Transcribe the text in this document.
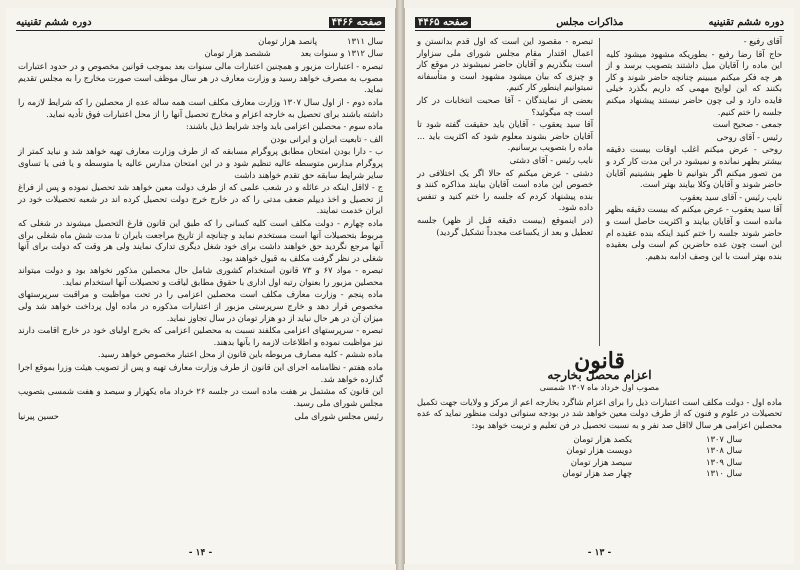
صفحه ۴۴۶۶
دوره ششم تقنینیه
سال ۱۳۱۱
پانصد هزار تومان
سال ۱۳۱۲ و سنوات بعد
ششصد هزار تومان

تبصره - اعتبارات مزبور و همچنین اعتبارات مالی سنوات بعد بموجب قوانین مخصوص و در حدود اعتبارات مصوب به مصرف خواهد رسید و وزارت معارف در هر سال موظف است صورت مخارج را به مجلس تقدیم نماید.

ماده دوم - از اول سال ۱۳۰۷ وزارت معارف مکلف است همه ساله عده از محصلین را که شرایط لازمه را داشته باشند برای تحصیل به خارجه اعزام و مخارج تحصیل آنها را از محل اعتبارات فوق تأدیه نماید.

ماده سوم - محصلین اعزامی باید واجد شرایط ذیل باشند:

الف - تابعیت ایران و ایرانی بودن

ب - دارا بودن امتحان مطابق پروگرام مسابقه که از طرف وزارت معارف تهیه خواهد شد و نباید کمتر از پروگرام مدارس متوسطه عالیه تنظیم شود و در این امتحان مدارس عالیه یا متوسطه و یا فنی یا تساوی سایر شرایط سابقه حق تقدم خواهند داشت

ج - لااقل اینکه در عائله و در شعب علمی که از طرف دولت معین خواهد شد تحصیل نموده و پس از فراغ از تحصیل و اخذ دیپلم ضعف مدتی را که در خارج خرج دولت تحصیل کرده اند در شعبه تحصیلات خود در ایران خدمت نمایند.

ماده چهارم - دولت مکلف است کلیه کسانی را که طبق این قانون فارغ التحصیل میشوند در شغلی که مربوط بتحصیلات آنها است مستخدم نماید و چنانچه از تاریخ مراجعت بایران تا مدت شش ماه شغلی برای آنها مرجع نگردید حق خواهند داشت برای خود شغل دیگری تدارک نمایند ولی هر وقت که دولت برای آنها شغلی در نظر گرفت مکلف به قبول خواهند بود.

تبصره - مواد ۶۷ و ۷۳ قانون استخدام کشوری شامل حال محصلین مذکور نخواهد بود و دولت میتواند محصلین مزبور را بعنوان رتبه اول اداری با حقوق مطابق لیاقت و تحصیلات آنها استخدام نماید.

ماده پنجم - وزارت معارف مکلف است محصلین اعزامی را در تحت مواظبت و مراقبت سرپرستهای مخصوص قرار دهد و خارج سرپرستی مزبور از اعتبارات مذکوره در ماده اول پرداخت خواهد شد ولی میزان آن در هر حال نباید از دو هزار تومان در سال تجاوز نماید.

تبصره - سرپرستهای اعزامی مکلفند نسبت به محصلین اعزامی که بخرج اولیای خود در خارج اقامت دارند نیز مواظبت نموده و اطلاعات لازمه را بآنها بدهند.

ماده ششم - کلیه مصارف مربوطه باین قانون از محل اعتبار مخصوص خواهد رسید.

ماده هفتم - نظامنامه اجرای این قانون از طرف وزارت معارف تهیه و پس از تصویب هیئت وزرا بموقع اجرا گذارده خواهد شد.

این قانون که مشتمل بر هفت ماده است در جلسه ۲۶ خرداد ماه یکهزار و سیصد و هفت شمسی بتصویب مجلس شورای ملی رسید.

رئیس مجلس شورای ملی
حسین پیرنیا
- ۱۴ -
دوره ششم تقنینیه
مذاکرات مجلس
صفحه ۴۴۶۵

آقای رفیع -

حاج آقا رضا رفیع - بطوریکه مشهود میشود کلیه این ماده را آقایان میل داشتند بتصویب برسد و از هر چه فکر میکنم میبینم چنانچه حاضر شوند و کار بکنند که این لوایح مهمی که داریم بگذرد خیلی فایده دارد و لی چون حاضر نیستند پیشنهاد میکنم جلسه را ختم کنیم.

جمعی - صحیح است

رئیس - آقای روحی

روحی - عرض میکنم اغلب اوقات بیست دقیقه بیشتر بظهر نمانده و نمیشود در این مدت کار کرد و من تصور میکنم اگر بتوانیم تا ظهر بنشینیم آقایان حاضر شوند و آقایان وکلا بیایند بهتر است.

نایب رئیس - آقای سید یعقوب

آقا سید یعقوب - عرض میکنم که بیست دقیقه بظهر مانده است و آقایان بیایند و اکثریت حاصل است و حاضر شوند جلسه را ختم کنید اینکه بنده عقیده ام این است چون عده حاضرین کم است ولی بعقیده بنده بهتر است با این وصف ادامه بدهیم.

تبصره - مقصود این است که اول قدم بدانستن و اعمال اقتدار مقام مجلس شورای ملی سزاوار است بنگذریم و آقایان حاضر نمیشوند در موقع کار و چیزی که بیان میشود مشهود است و متأسفانه نمیتوانیم اینطور کار کنیم.

بعضی از نمایندگان - آقا صحبت انتخابات در کار است چه میگوئید؟

آقا سید یعقوب - آقایان باید حقیقت گفته شود تا آقایان حاضر بشوند معلوم شود که اکثریت باید ... ماده را بتصویب برسانیم.

نایب رئیس - آقای دشتی

دشتی - عرض میکنم که حالا اگر یک اختلافی در خصوص این ماده است آقایان بیایند مذاکره کنند و بنده پیشنهاد کردم که جلسه را ختم کنید و تنفس داده شود.

(در اینموقع (بیست دقیقه قبل از ظهر) جلسه تعطیل و بعد از یکساعت مجدداً تشکیل گردید)

قانون
اعزام محصل بخارجه
مصوب اول خرداد ماه ۱۳۰۷ شمسی

ماده اول - دولت مکلف است اعتبارات ذیل را برای اعزام شاگرد بخارجه اعم از مرکز و ولایات جهت تکمیل تحصیلات در علوم و فنون که از طرف دولت معین خواهد شد در بودجه سنواتی دولت منظور نماید که عده محصلین اعزامی هر سال لااقل صد نفر و به نسبت تحصیل در فن تعلیم و تربیت خواهد بود:

سال ۱۳۰۷
یکصد هزار تومان
سال ۱۳۰۸
دویست هزار تومان
سال ۱۳۰۹
سیصد هزار تومان
سال ۱۳۱۰
چهار صد هزار تومان
- ۱۳ -
